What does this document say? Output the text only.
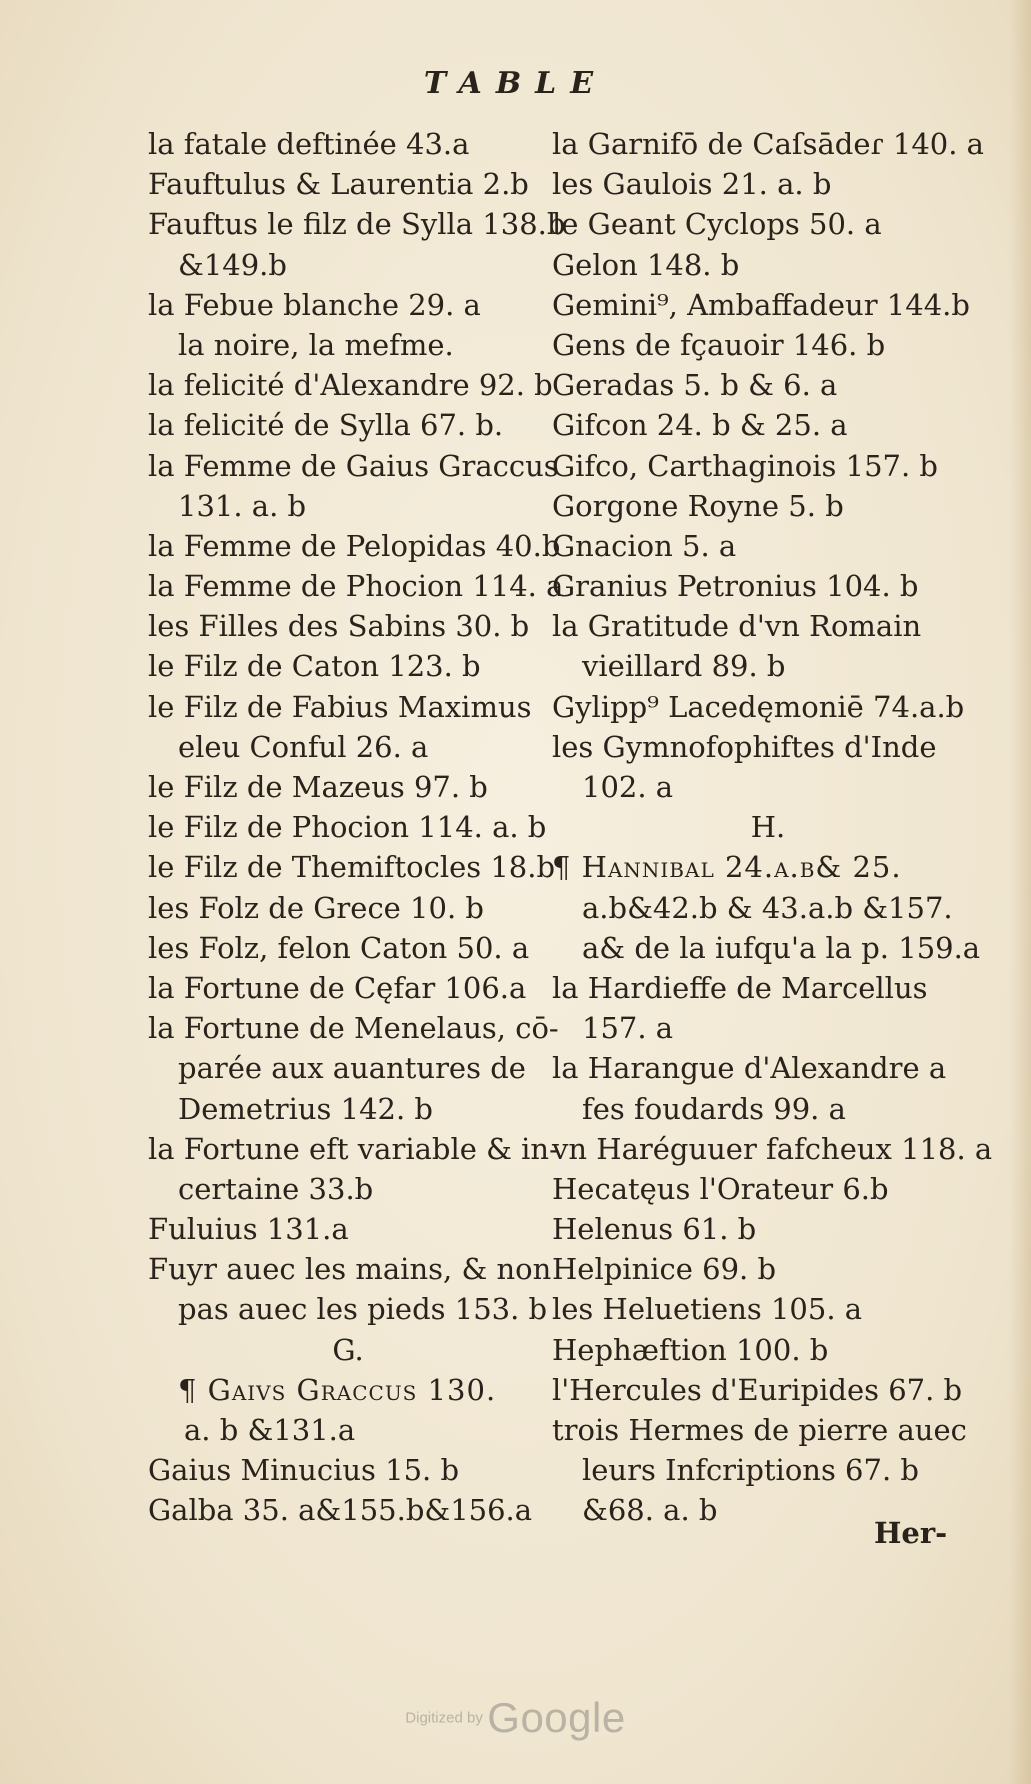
TABLE
la fatale deftinée 43.a
Fauftulus & Laurentia 2.b
Fauftus le filz de Sylla 138.b
&149.b
la Febue blanche 29. a
la noire, la mefme.
la felicité d'Alexandre 92. b
la felicité de Sylla 67. b.
la Femme de Gaius Graccus
131. a. b
la Femme de Pelopidas 40.b
la Femme de Phocion 114. a
les Filles des Sabins 30. b
le Filz de Caton 123. b
le Filz de Fabius Maximus
eleu Conful 26. a
le Filz de Mazeus 97. b
le Filz de Phocion 114. a. b
le Filz de Themiftocles 18.b
les Folz de Grece 10. b
les Folz, felon Caton 50. a
la Fortune de Cęfar 106.a
la Fortune de Menelaus, cō-
parée aux auantures de
Demetrius 142. b
la Fortune eft variable & in-
certaine 33.b
Fuluius 131.a
Fuyr auec les mains, & non
pas auec les pieds 153. b
G.
¶ Gaivs Graccus 130.
a. b &131.a
Gaius Minucius 15. b
Galba 35. a&155.b&156.a
la Garnifō de Caſsādeɾ 140. a
les Gaulois 21. a. b
le Geant Cyclops 50. a
Gelon 148. b
Gemini⁹, Ambaffadeur 144.b
Gens de fçauoir 146. b
Geradas 5. b & 6. a
Gifcon 24. b & 25. a
Gifco, Carthaginois 157. b
Gorgone Royne 5. b
Gnacion 5. a
Granius Petronius 104. b
la Gratitude d'vn Romain
vieillard 89. b
Gylipp⁹ Lacedęmoniē 74.a.b
les Gymnofophiftes d'Inde
102. a
H.
¶ Hannibal 24.a.b& 25.
a.b&42.b & 43.a.b &157.
a& de la iufqu'a la p. 159.a
la Hardieffe de Marcellus
157. a
la Harangue d'Alexandre a
fes foudards 99. a
vn Haréguuer fafcheux 118. a
Hecatęus l'Orateur 6.b
Helenus 61. b
Helpinice 69. b
les Heluetiens 105. a
Hephæftion 100. b
l'Hercules d'Euripides 67. b
trois Hermes de pierre auec
leurs Infcriptions 67. b
&68. a. b
Her-
Digitized by Google
